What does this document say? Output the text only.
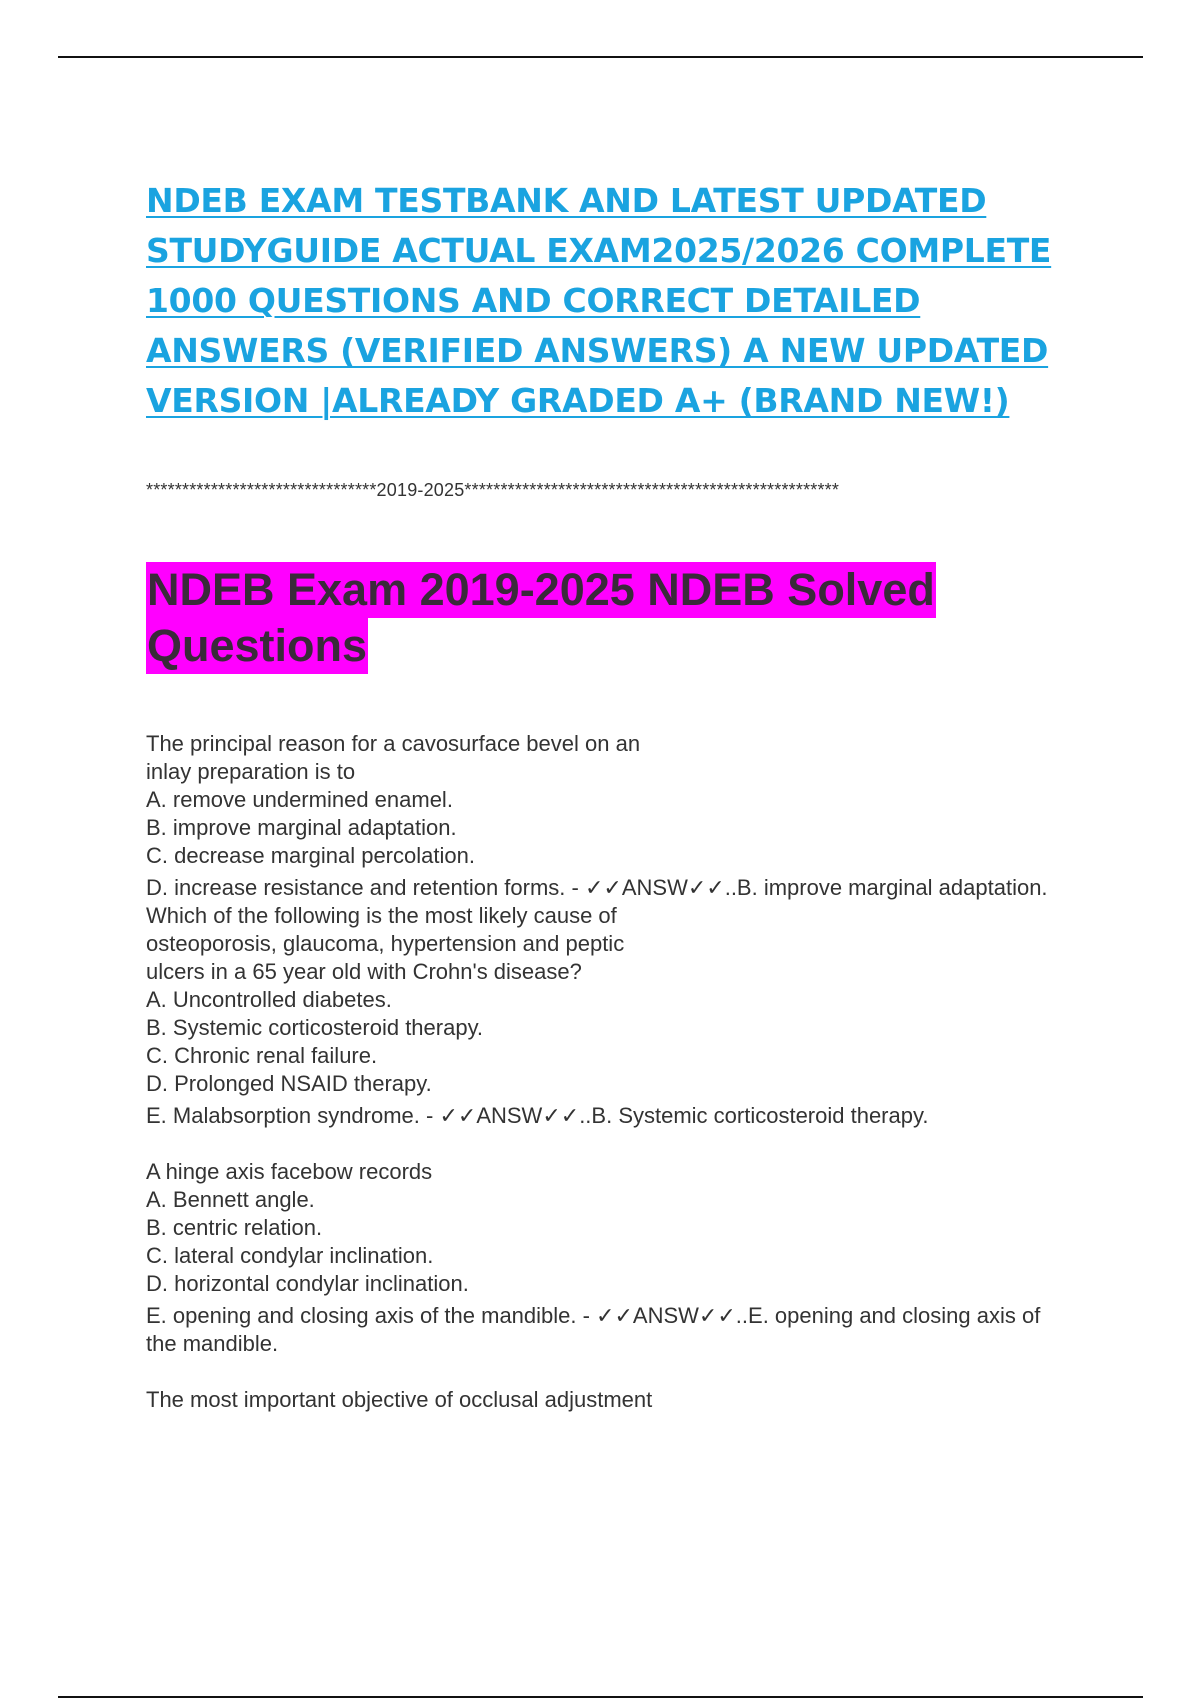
NDEB EXAM TESTBANK AND LATEST UPDATED
STUDYGUIDE ACTUAL EXAM2025/2026 COMPLETE
1000 QUESTIONS AND CORRECT DETAILED
ANSWERS (VERIFIED ANSWERS) A NEW UPDATED
VERSION |ALREADY GRADED A+ (BRAND NEW!)
********************************2019-2025****************************************************
NDEB Exam 2019-2025 NDEB Solved
Questions
The principal reason for a cavosurface bevel on an
inlay preparation is to
A. remove undermined enamel.
B. improve marginal adaptation.
C. decrease marginal percolation.
D. increase resistance and retention forms. - ✓✓ANSW✓✓..B. improve marginal adaptation.
Which of the following is the most likely cause of
osteoporosis, glaucoma, hypertension and peptic
ulcers in a 65 year old with Crohn's disease?
A. Uncontrolled diabetes.
B. Systemic corticosteroid therapy.
C. Chronic renal failure.
D. Prolonged NSAID therapy.
E. Malabsorption syndrome. - ✓✓ANSW✓✓..B. Systemic corticosteroid therapy.
A hinge axis facebow records
A. Bennett angle.
B. centric relation.
C. lateral condylar inclination.
D. horizontal condylar inclination.
E. opening and closing axis of the mandible. - ✓✓ANSW✓✓..E. opening and closing axis of the mandible.
The most important objective of occlusal adjustment
